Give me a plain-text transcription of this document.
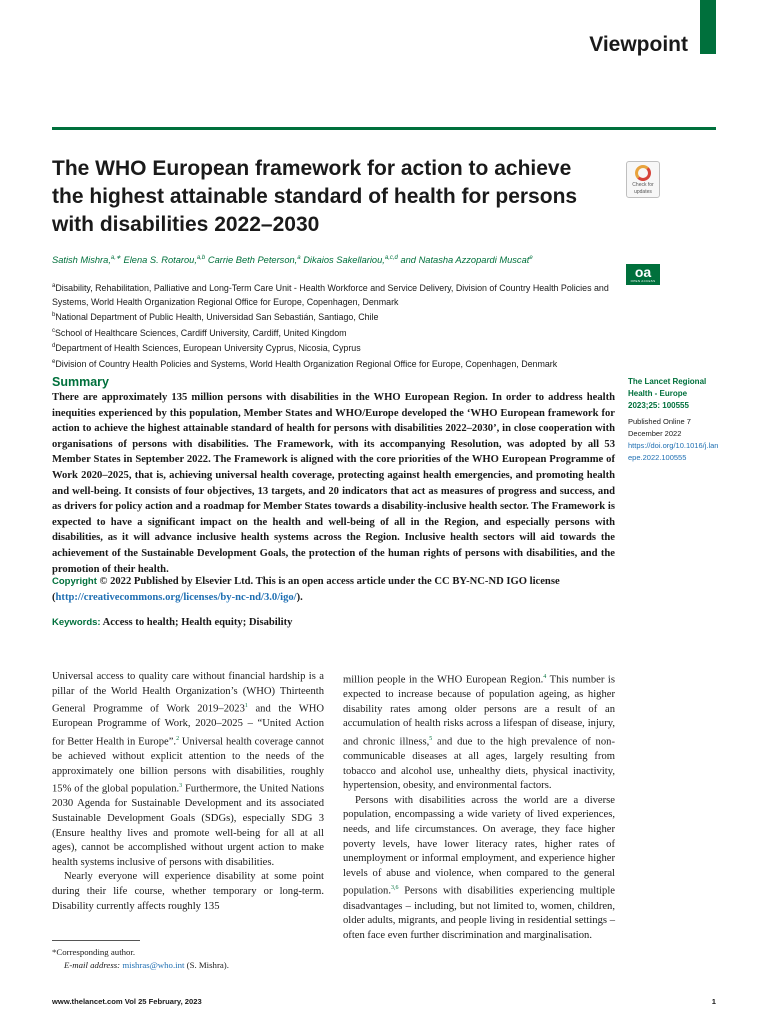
Viewpoint
The WHO European framework for action to achieve the highest attainable standard of health for persons with disabilities 2022–2030
Check for
updates
oa
OPEN ACCESS
Satish Mishra,$^{a,∗}$ Elena S. Rotarou,$^{a,b}$ Carrie Beth Peterson,$^a$ Dikaios Sakellariou,$^{a,c,d}$ and Natasha Azzopardi Muscat$^e$
$^a$Disability, Rehabilitation, Palliative and Long-Term Care Unit - Health Workforce and Service Delivery, Division of Country Health Policies and Systems, World Health Organization Regional Office for Europe, Copenhagen, Denmark
$^b$National Department of Public Health, Universidad San Sebastián, Santiago, Chile
$^c$School of Healthcare Sciences, Cardiff University, Cardiff, United Kingdom
$^d$Department of Health Sciences, European University Cyprus, Nicosia, Cyprus
$^e$Division of Country Health Policies and Systems, World Health Organization Regional Office for Europe, Copenhagen, Denmark
Summary

There are approximately 135 million persons with disabilities in the WHO European Region. In order to address health inequities experienced by this population, Member States and WHO/Europe developed the ‘WHO European framework for action to achieve the highest attainable standard of health for persons with disabilities 2022–2030’, in close cooperation with organisations of persons with disabilities. The Framework, with its accompanying Resolution, was adopted by all 53 Member States in September 2022. The Framework is aligned with the core priorities of the WHO European Programme of Work 2020–2025, that is, achieving universal health coverage, protecting against health emergencies, and promoting health and well-being. It consists of four objectives, 13 targets, and 20 indicators that act as measures of progress and success, and as drivers for policy action and a roadmap for Member States towards a disability-inclusive health sector. The Framework is expected to have a significant impact on the health and well-being of all in the Region, and especially persons with disabilities, as it will advance inclusive health systems across the Region. Inclusive health sectors will aid towards the achievement of the Sustainable Development Goals, the protection of the human rights of persons with disabilities, and the promotion of their health.

Copyright © 2022 Published by Elsevier Ltd. This is an open access article under the CC BY-NC-ND IGO license (http://creativecommons.org/licenses/by-nc-nd/3.0/igo/).

Keywords: Access to health; Health equity; Disability

The Lancet Regional Health - Europe 2023;25: 100555
Published Online 7 December 2022
https://doi.org/10.1016/j.lanepe.2022.100555

Universal access to quality care without financial hardship is a pillar of the World Health Organization’s (WHO) Thirteenth General Programme of Work 2019–2023$^1$ and the WHO European Programme of Work, 2020–2025 – “United Action for Better Health in Europe”.$^2$ Universal health coverage cannot be achieved without explicit attention to the needs of the approximately one billion persons with disabilities, roughly 15% of the global population.$^3$ Furthermore, the United Nations 2030 Agenda for Sustainable Development and its associated Sustainable Development Goals (SDGs), especially SDG 3 (Ensure healthy lives and promote well-being for all at all ages), cannot be accomplished without urgent action to make health systems inclusive of persons with disabilities.

Nearly everyone will experience disability at some point during their life course, whether temporary or long-term. Disability currently affects roughly 135

million people in the WHO European Region.$^4$ This number is expected to increase because of population ageing, as higher disability rates among older persons are a result of an accumulation of health risks across a lifespan of disease, injury, and chronic illness,$^5$ and due to the high prevalence of non-communicable diseases at all ages, largely resulting from tobacco and alcohol use, unhealthy diets, physical inactivity, hypertension, obesity, and environmental factors.

Persons with disabilities across the world are a diverse population, encompassing a wide variety of lived experiences, needs, and life circumstances. On average, they face higher poverty levels, have lower literacy rates, higher rates of unemployment or informal employment, and experience higher levels of abuse and violence, when compared to the general population.$^{3,6}$ Persons with disabilities experiencing multiple disadvantages – including, but not limited to, women, children, older adults, migrants, and people living in residential settings – often face even further discrimination and marginalisation.

*Corresponding author.
E-mail address: mishras@who.int (S. Mishra).
www.thelancet.com Vol 25 February, 2023	1
